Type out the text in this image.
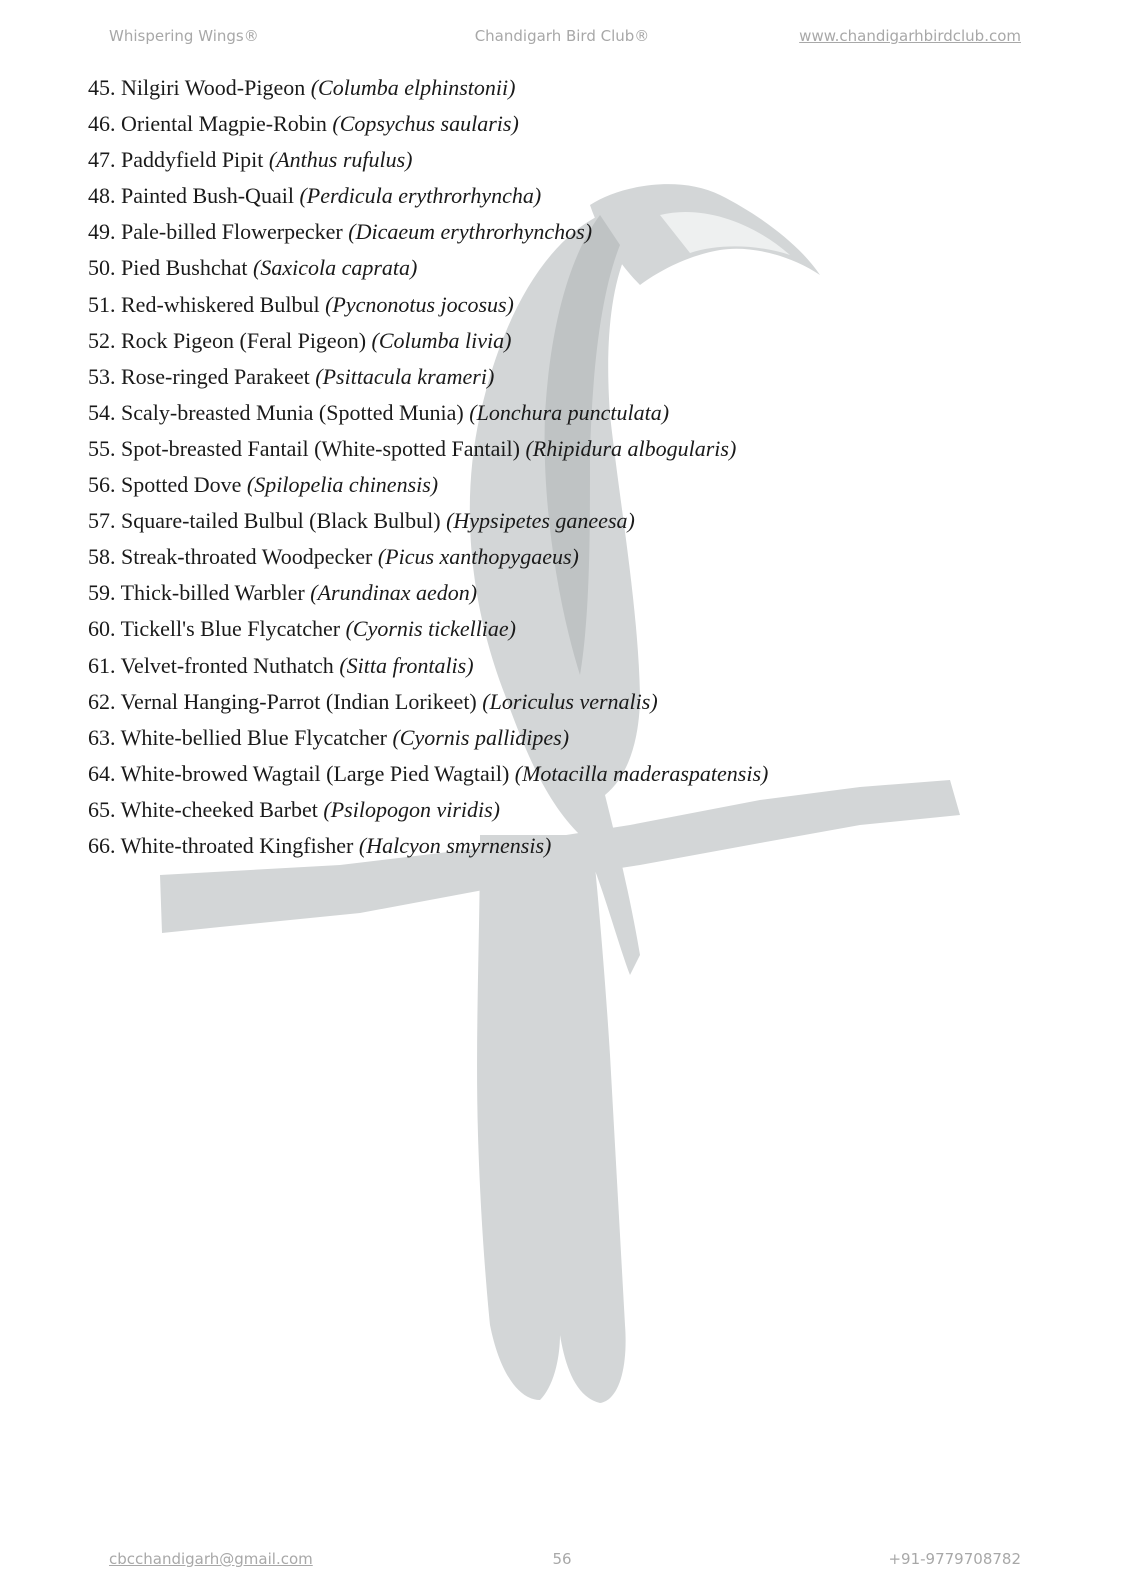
Whispering Wings®	Chandigarh Bird Club®	www.chandigarhbirdclub.com
45. Nilgiri Wood-Pigeon (Columba elphinstonii)
46. Oriental Magpie-Robin (Copsychus saularis)
47. Paddyfield Pipit (Anthus rufulus)
48. Painted Bush-Quail (Perdicula erythrorhyncha)
49. Pale-billed Flowerpecker (Dicaeum erythrorhynchos)
50. Pied Bushchat (Saxicola caprata)
51. Red-whiskered Bulbul (Pycnonotus jocosus)
52. Rock Pigeon (Feral Pigeon) (Columba livia)
53. Rose-ringed Parakeet (Psittacula krameri)
54. Scaly-breasted Munia (Spotted Munia) (Lonchura punctulata)
55. Spot-breasted Fantail (White-spotted Fantail) (Rhipidura albogularis)
56. Spotted Dove (Spilopelia chinensis)
57. Square-tailed Bulbul (Black Bulbul) (Hypsipetes ganeesa)
58. Streak-throated Woodpecker (Picus xanthopygaeus)
59. Thick-billed Warbler (Arundinax aedon)
60. Tickell's Blue Flycatcher (Cyornis tickelliae)
61. Velvet-fronted Nuthatch (Sitta frontalis)
62. Vernal Hanging-Parrot (Indian Lorikeet) (Loriculus vernalis)
63. White-bellied Blue Flycatcher (Cyornis pallidipes)
64. White-browed Wagtail (Large Pied Wagtail) (Motacilla maderaspatensis)
65. White-cheeked Barbet (Psilopogon viridis)
66. White-throated Kingfisher (Halcyon smyrnensis)
cbcchandigarh@gmail.com	56	+91-9779708782
